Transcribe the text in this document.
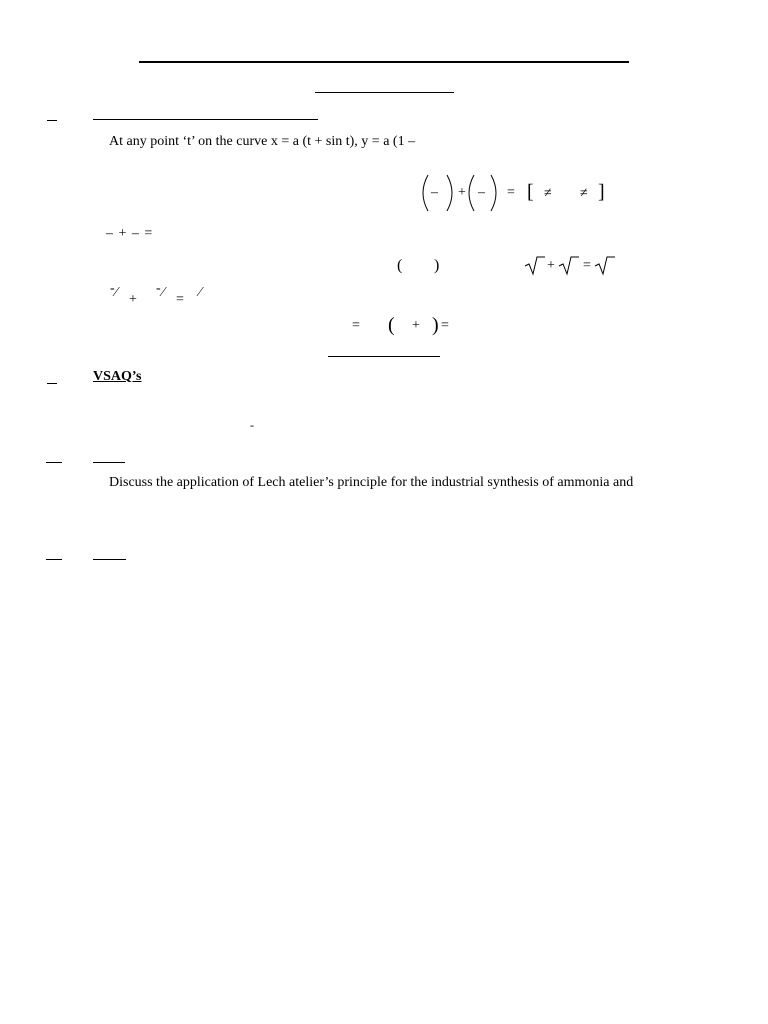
At any point ‘t’ on the curve x = a (t + sin t), y = a (1 –
– + – = [ ≠ ≠ ]
– + – =
( )	+ =
- ⁄ +
- ⁄ = ⁄
= ( + ) =
VSAQ’s
-
Discuss the application of Lech atelier’s principle for the industrial synthesis of ammonia and
